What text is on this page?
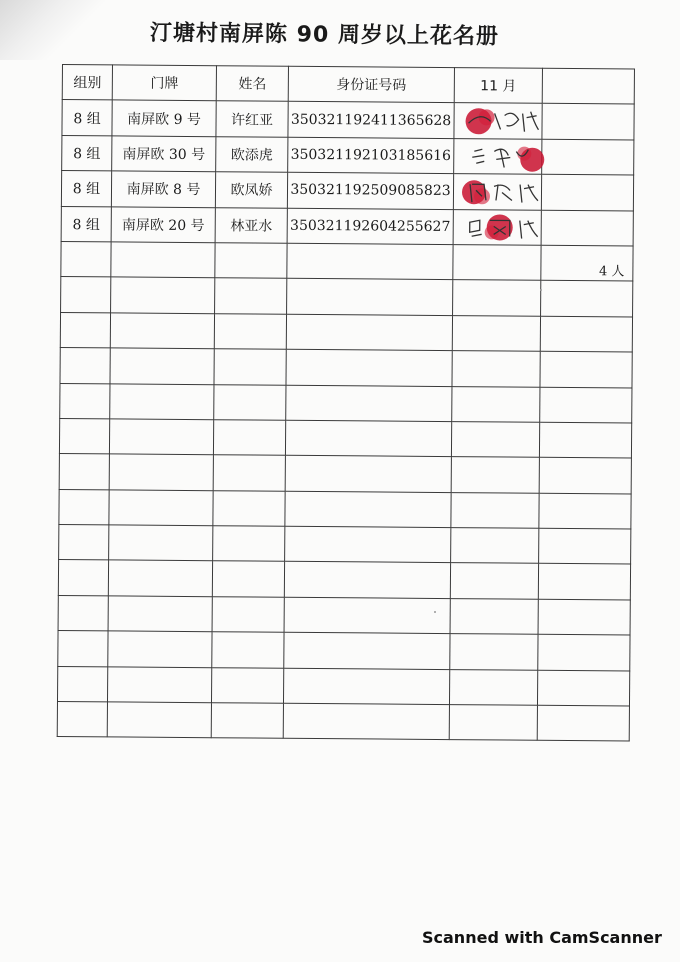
汀塘村南屏陈 90 周岁以上花名册
组别	门牌	姓名	身份证号码	11 月	
8 组	南屏欧 9 号	许红亚	350321192411365628	

8 组	南屏欧 30 号	欧添虎	350321192103185616	

8 组	南屏欧 8 号	欧凤娇	350321192509085823	

8 组	南屏欧 20 号	林亚水	350321192604255627	

				4 人	

Scanned with CamScanner
